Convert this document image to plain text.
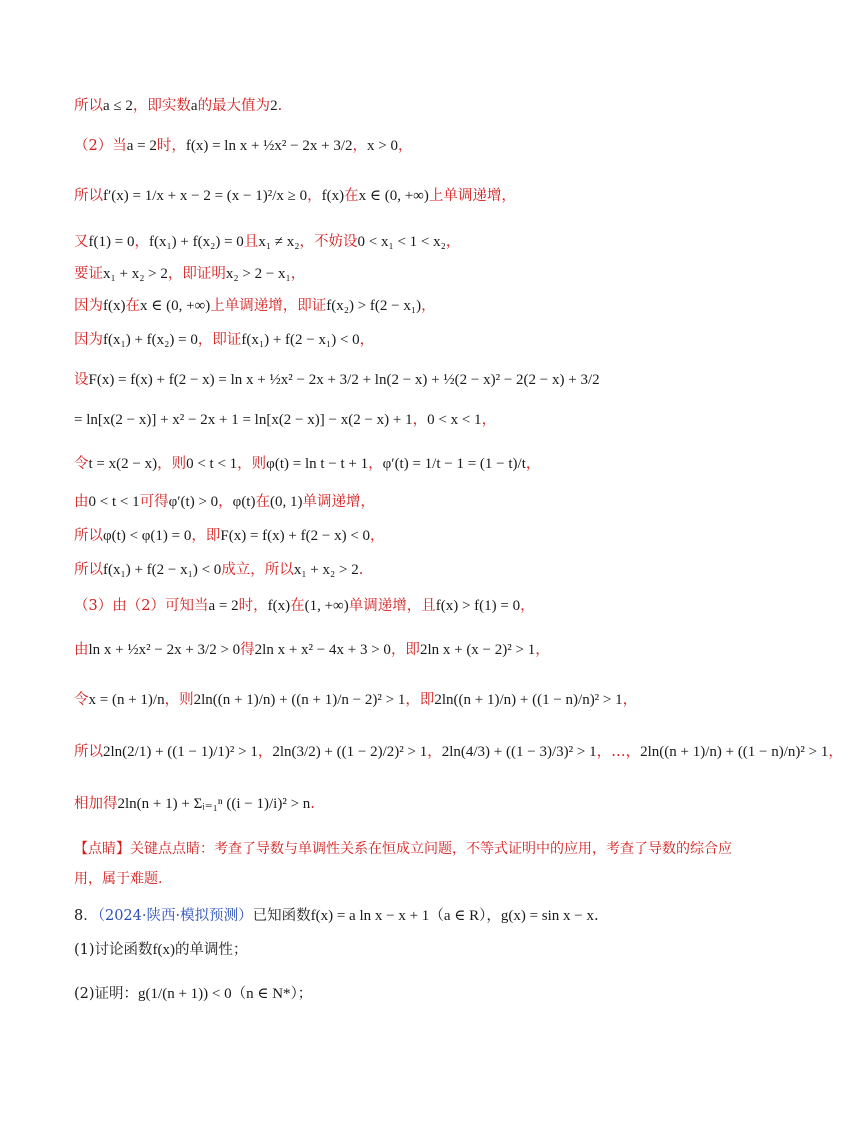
所以a ≤ 2，即实数a的最大值为2.
（2）当a = 2时，f(x) = ln x + ½x² − 2x + 3/2，x > 0，
所以f′(x) = 1/x + x − 2 = (x − 1)²/x ≥ 0，f(x)在x ∈ (0, +∞)上单调递增，
又f(1) = 0，f(x₁) + f(x₂) = 0且x₁ ≠ x₂，不妨设0 < x₁ < 1 < x₂，
要证x₁ + x₂ > 2，即证明x₂ > 2 − x₁，
因为f(x)在x ∈ (0, +∞)上单调递增，即证f(x₂) > f(2 − x₁)，
因为f(x₁) + f(x₂) = 0，即证f(x₁) + f(2 − x₁) < 0，
设F(x) = f(x) + f(2 − x) = ln x + ½x² − 2x + 3/2 + ln(2 − x) + ½(2 − x)² − 2(2 − x) + 3/2
= ln[x(2 − x)] + x² − 2x + 1 = ln[x(2 − x)] − x(2 − x) + 1，0 < x < 1，
令t = x(2 − x)，则0 < t < 1，则φ(t) = ln t − t + 1，φ′(t) = 1/t − 1 = (1 − t)/t，
由0 < t < 1可得φ′(t) > 0，φ(t)在(0, 1)单调递增，
所以φ(t) < φ(1) = 0，即F(x) = f(x) + f(2 − x) < 0，
所以f(x₁) + f(2 − x₁) < 0成立，所以x₁ + x₂ > 2.
（3）由（2）可知当a = 2时，f(x)在(1, +∞)单调递增，且f(x) > f(1) = 0，
由ln x + ½x² − 2x + 3/2 > 0得2ln x + x² − 4x + 3 > 0，即2ln x + (x − 2)² > 1，
令x = (n + 1)/n，则2ln((n + 1)/n) + ((n + 1)/n − 2)² > 1，即2ln((n + 1)/n) + ((1 − n)/n)² > 1，
所以2ln(2/1) + ((1 − 1)/1)² > 1，2ln(3/2) + ((1 − 2)/2)² > 1，2ln(4/3) + ((1 − 3)/3)² > 1，…，2ln((n + 1)/n) + ((1 − n)/n)² > 1，
相加得2ln(n + 1) + Σᵢ₌₁ⁿ ((i − 1)/i)² > n.
8．（2024·陕西·模拟预测）已知函数f(x) = a ln x − x + 1（a ∈ R），g(x) = sin x − x.
(1)讨论函数f(x)的单调性；
(2)证明：g(1/(n + 1)) < 0（n ∈ N*）；
【点睛】关键点点睛：考查了导数与单调性关系在恒成立问题，不等式证明中的应用，考查了导数的综合应用，属于难题.
